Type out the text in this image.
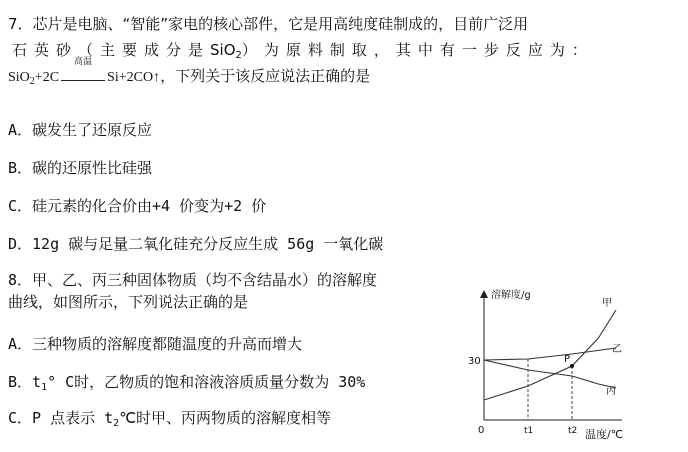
7．芯片是电脑、“智能”家电的核心部件，它是用高纯度硅制成的，目前广泛用
石英砂（主要成分是SiO$_2$）为原料制取，其中有一步反应为：
SiO$_2$+2C
高温
Si+2CO↑，下列关于该反应说法正确的是
A．碳发生了还原反应
B．碳的还原性比硅强
C．硅元素的化合价由+4 价变为+2 价
D．12g 碳与足量二氧化硅充分反应生成 56g 一氧化碳
8．甲、乙、丙三种固体物质（均不含结晶水）的溶解度
曲线，如图所示，下列说法正确的是
A．三种物质的溶解度都随温度的升高而增大
B．$t_1^\circ$ C时，乙物质的饱和溶液溶质质量分数为 30%
C．P 点表示 $t_2℃$时甲、丙两物质的溶解度相等
溶解度/g
温度/℃
0
30
t1	t2
甲
乙
丙
P
